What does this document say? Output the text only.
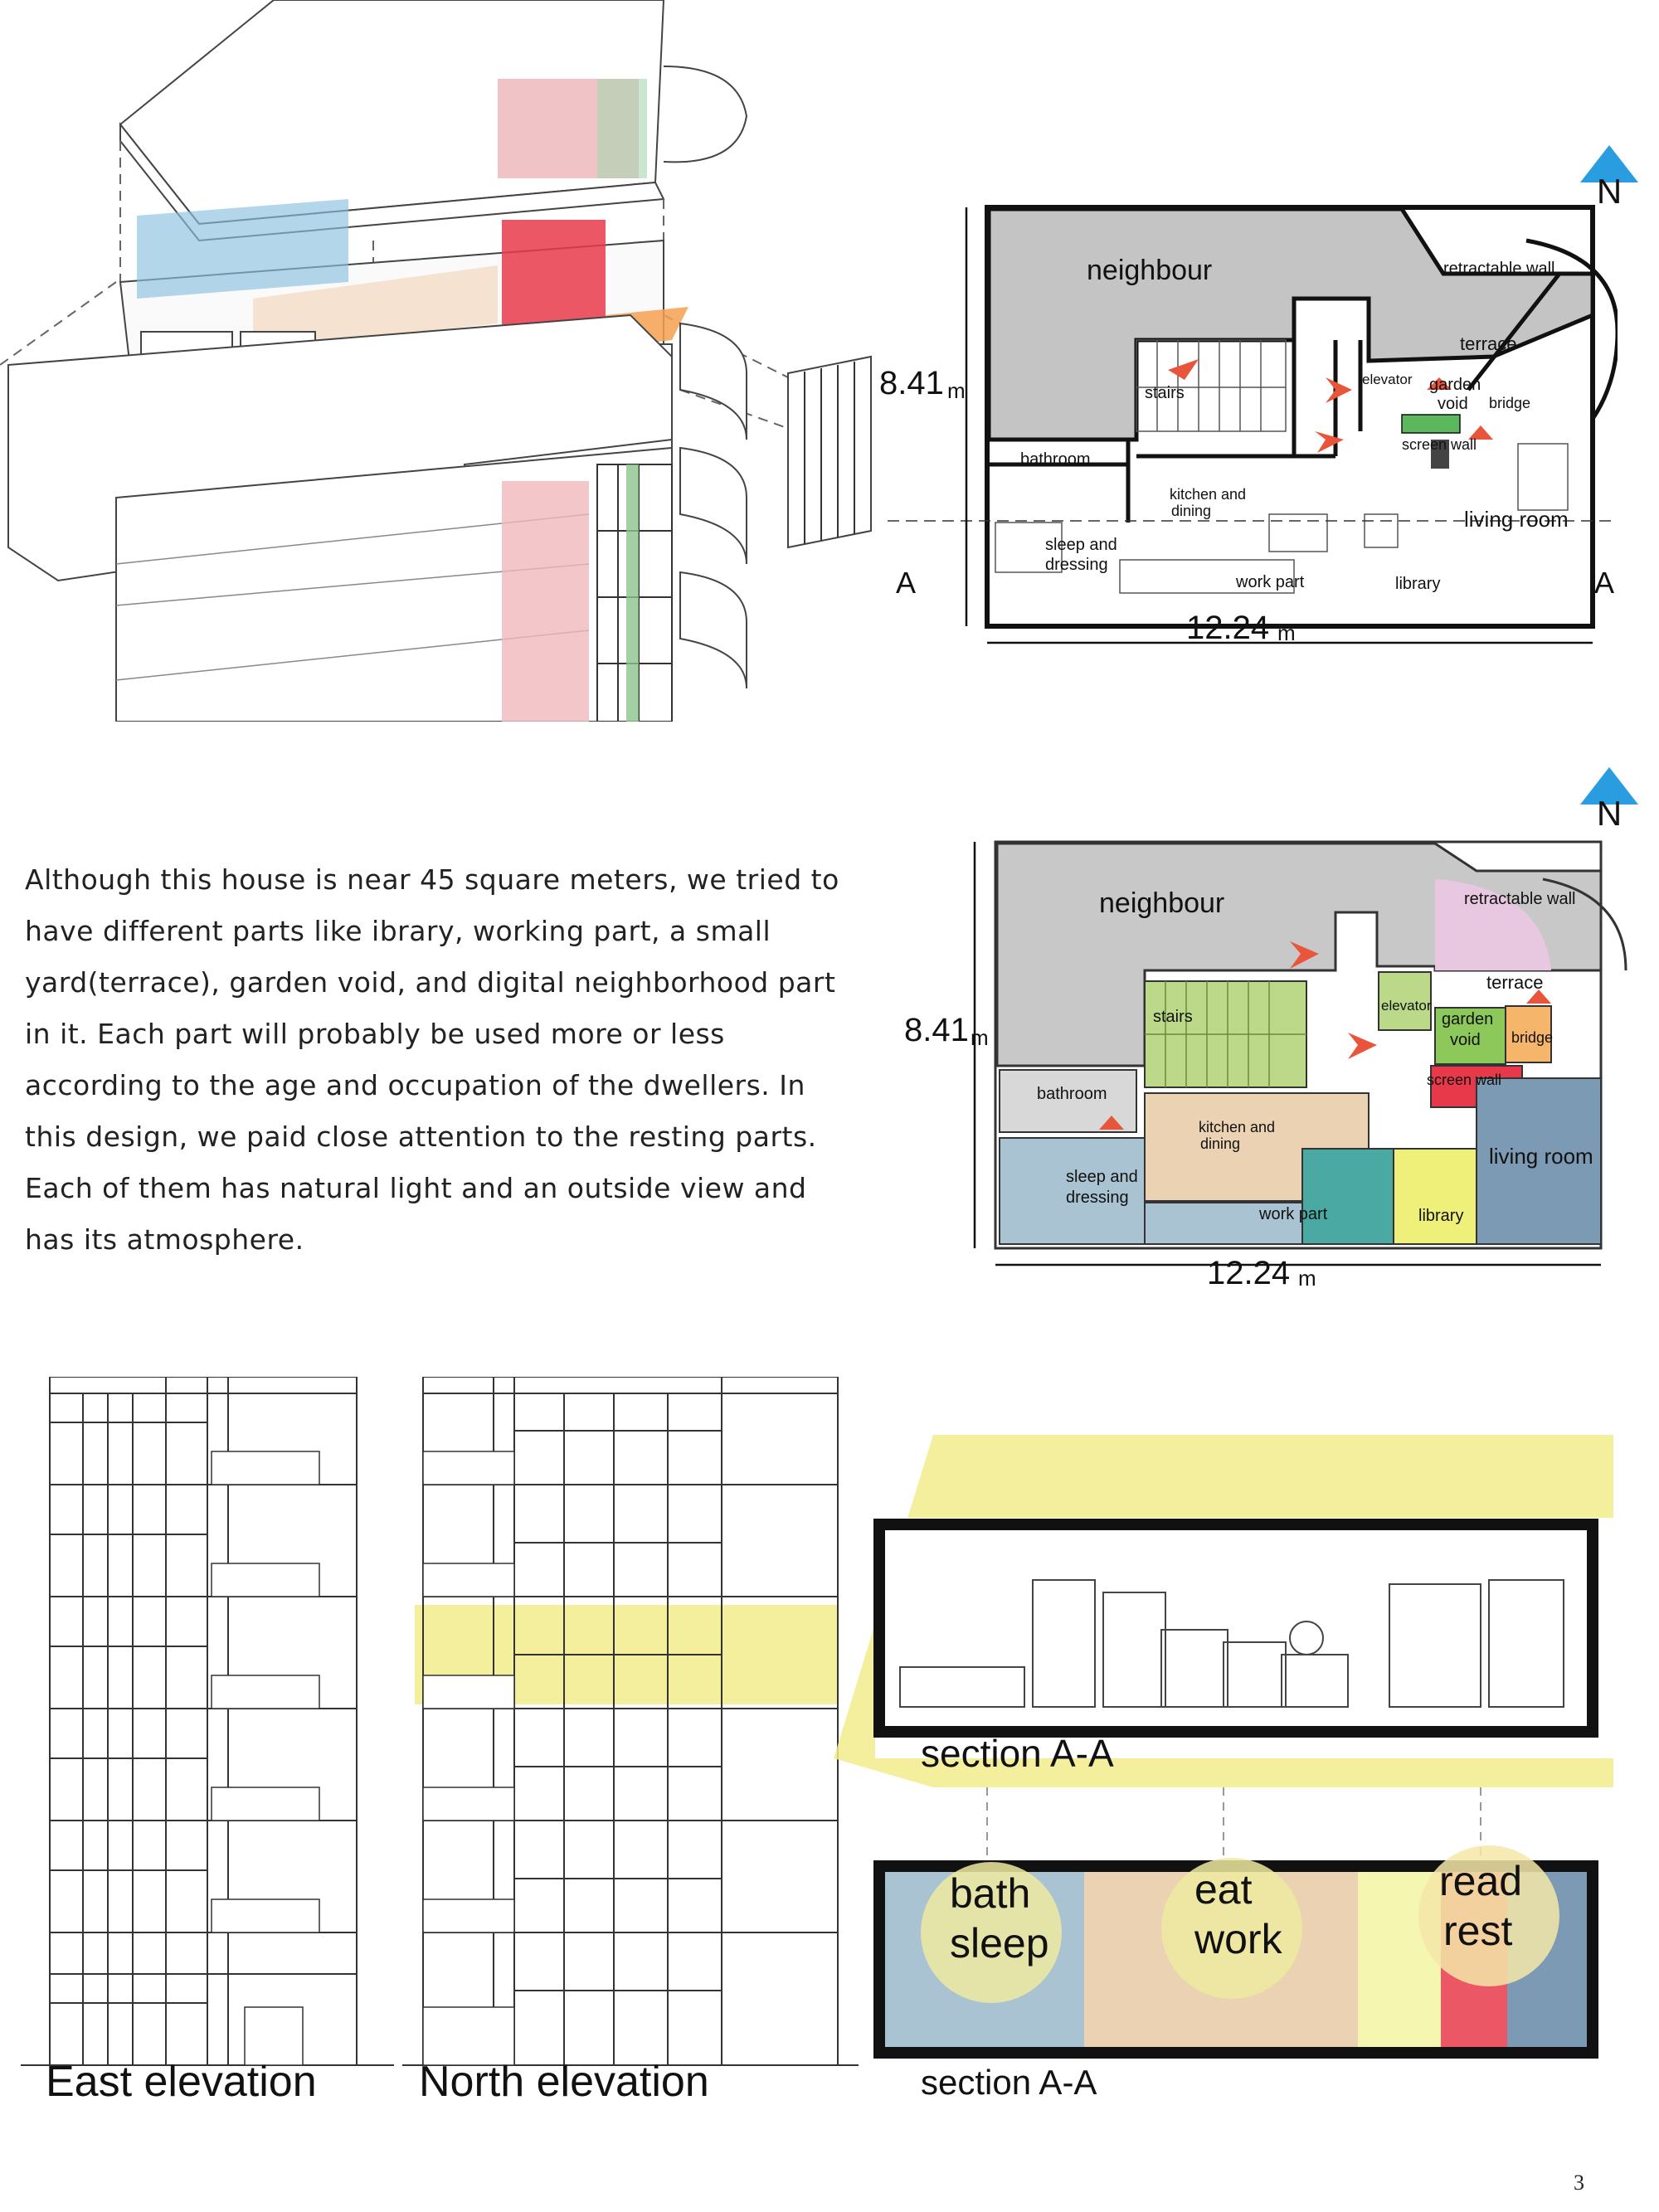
N
N
neighbour	retractable wall
terrace
stairs
elevator garden
void bridge
screen wall
bathroom
kitchen and
dining	living room
sleep and
dressing
work part	library
8.41 m
A	A
12.24 m
Although this house is near 45 square meters, we tried to have different parts like ibrary, working part, a small yard(terrace), garden void, and digital neighborhood part in it. Each part will probably be used more or less according to the age and occupation of the dwellers. In this design, we paid close attention to the resting parts. Each of them has natural light and an outside view and has its atmosphere.
neighbour	retractable wall
terrace
stairs
elevator
garden
void bridge
screen wall
bathroom
kitchen and
dining	living room
sleep and
dressing
work part	library
8.41 m
12.24 m
East elevation North elevation
section A-A
bath
sleep
eat
work
read
rest
section A-A
3
